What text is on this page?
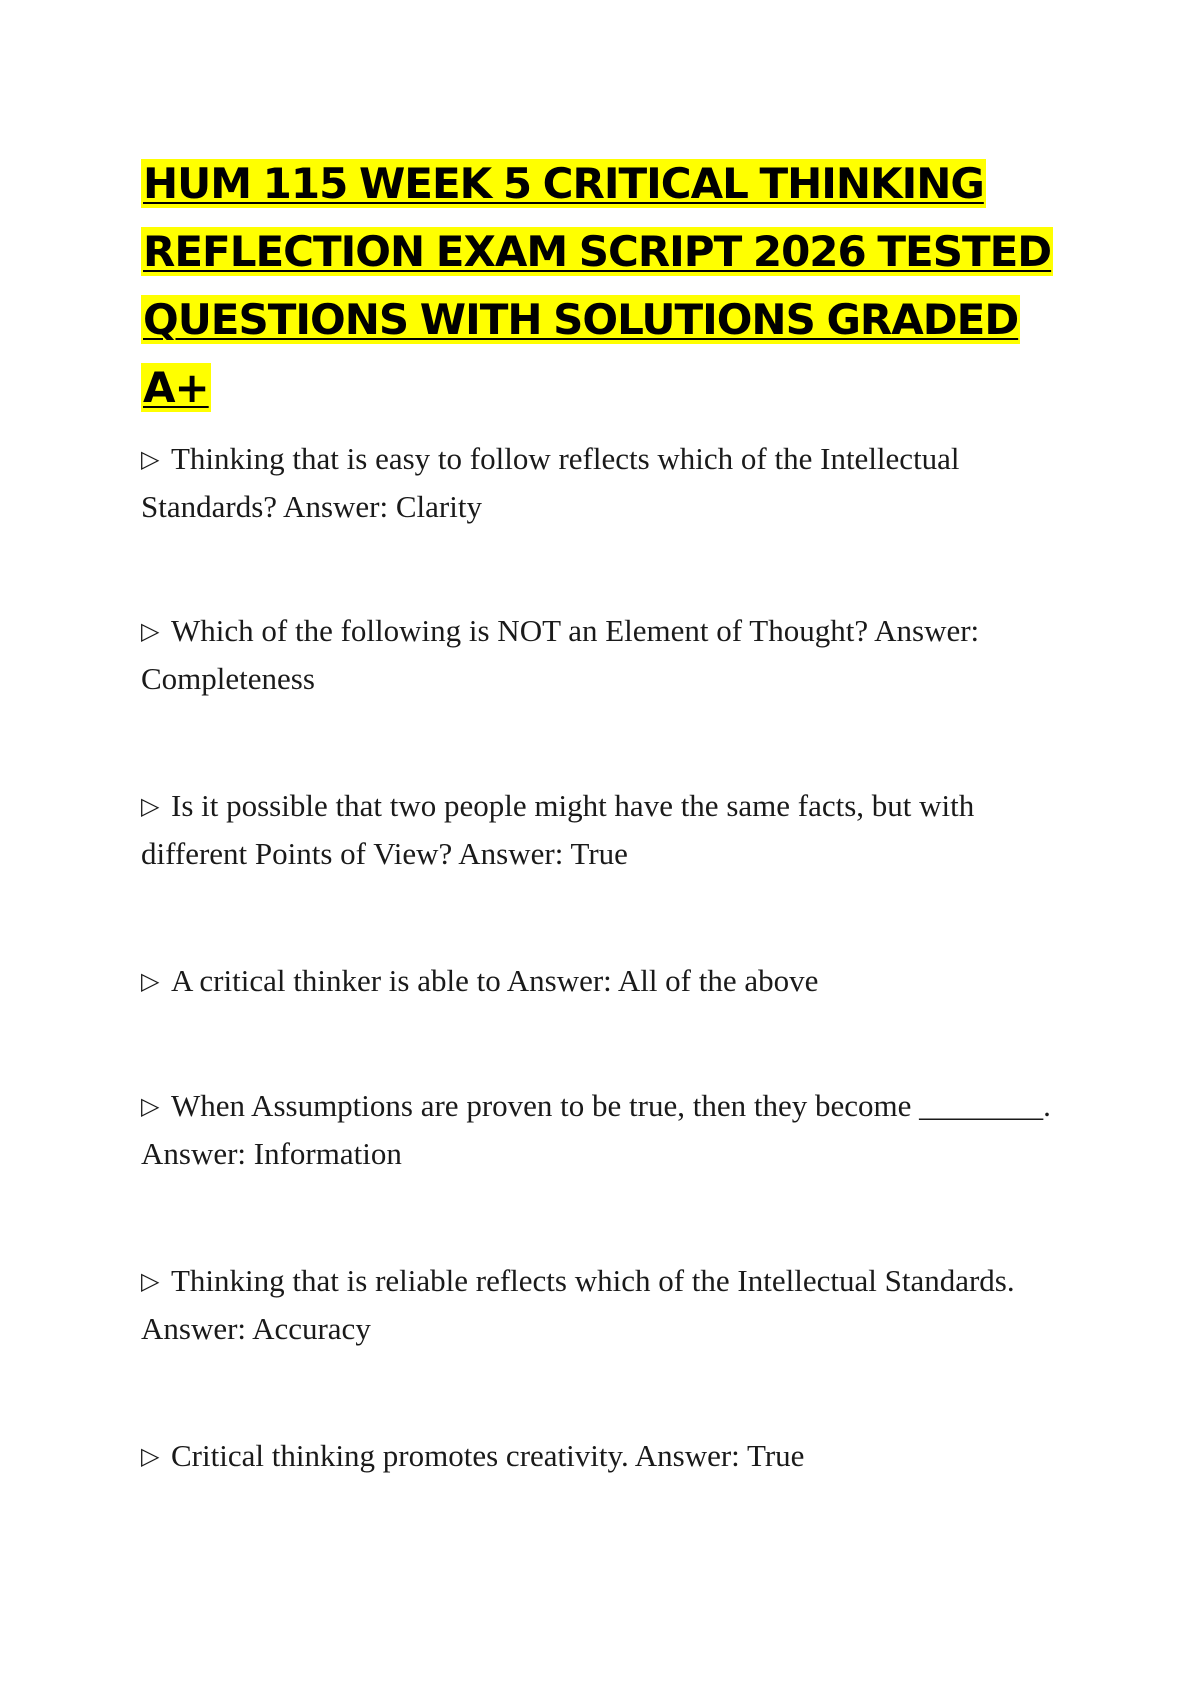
HUM 115 WEEK 5 CRITICAL THINKING REFLECTION EXAM SCRIPT 2026 TESTED QUESTIONS WITH SOLUTIONS GRADED A+

▷ Thinking that is easy to follow reflects which of the Intellectual Standards? Answer: Clarity

▷ Which of the following is NOT an Element of Thought? Answer: Completeness

▷ Is it possible that two people might have the same facts, but with different Points of View? Answer: True

▷ A critical thinker is able to Answer: All of the above

▷ When Assumptions are proven to be true, then they become ________. Answer: Information

▷ Thinking that is reliable reflects which of the Intellectual Standards. Answer: Accuracy

▷ Critical thinking promotes creativity. Answer: True
